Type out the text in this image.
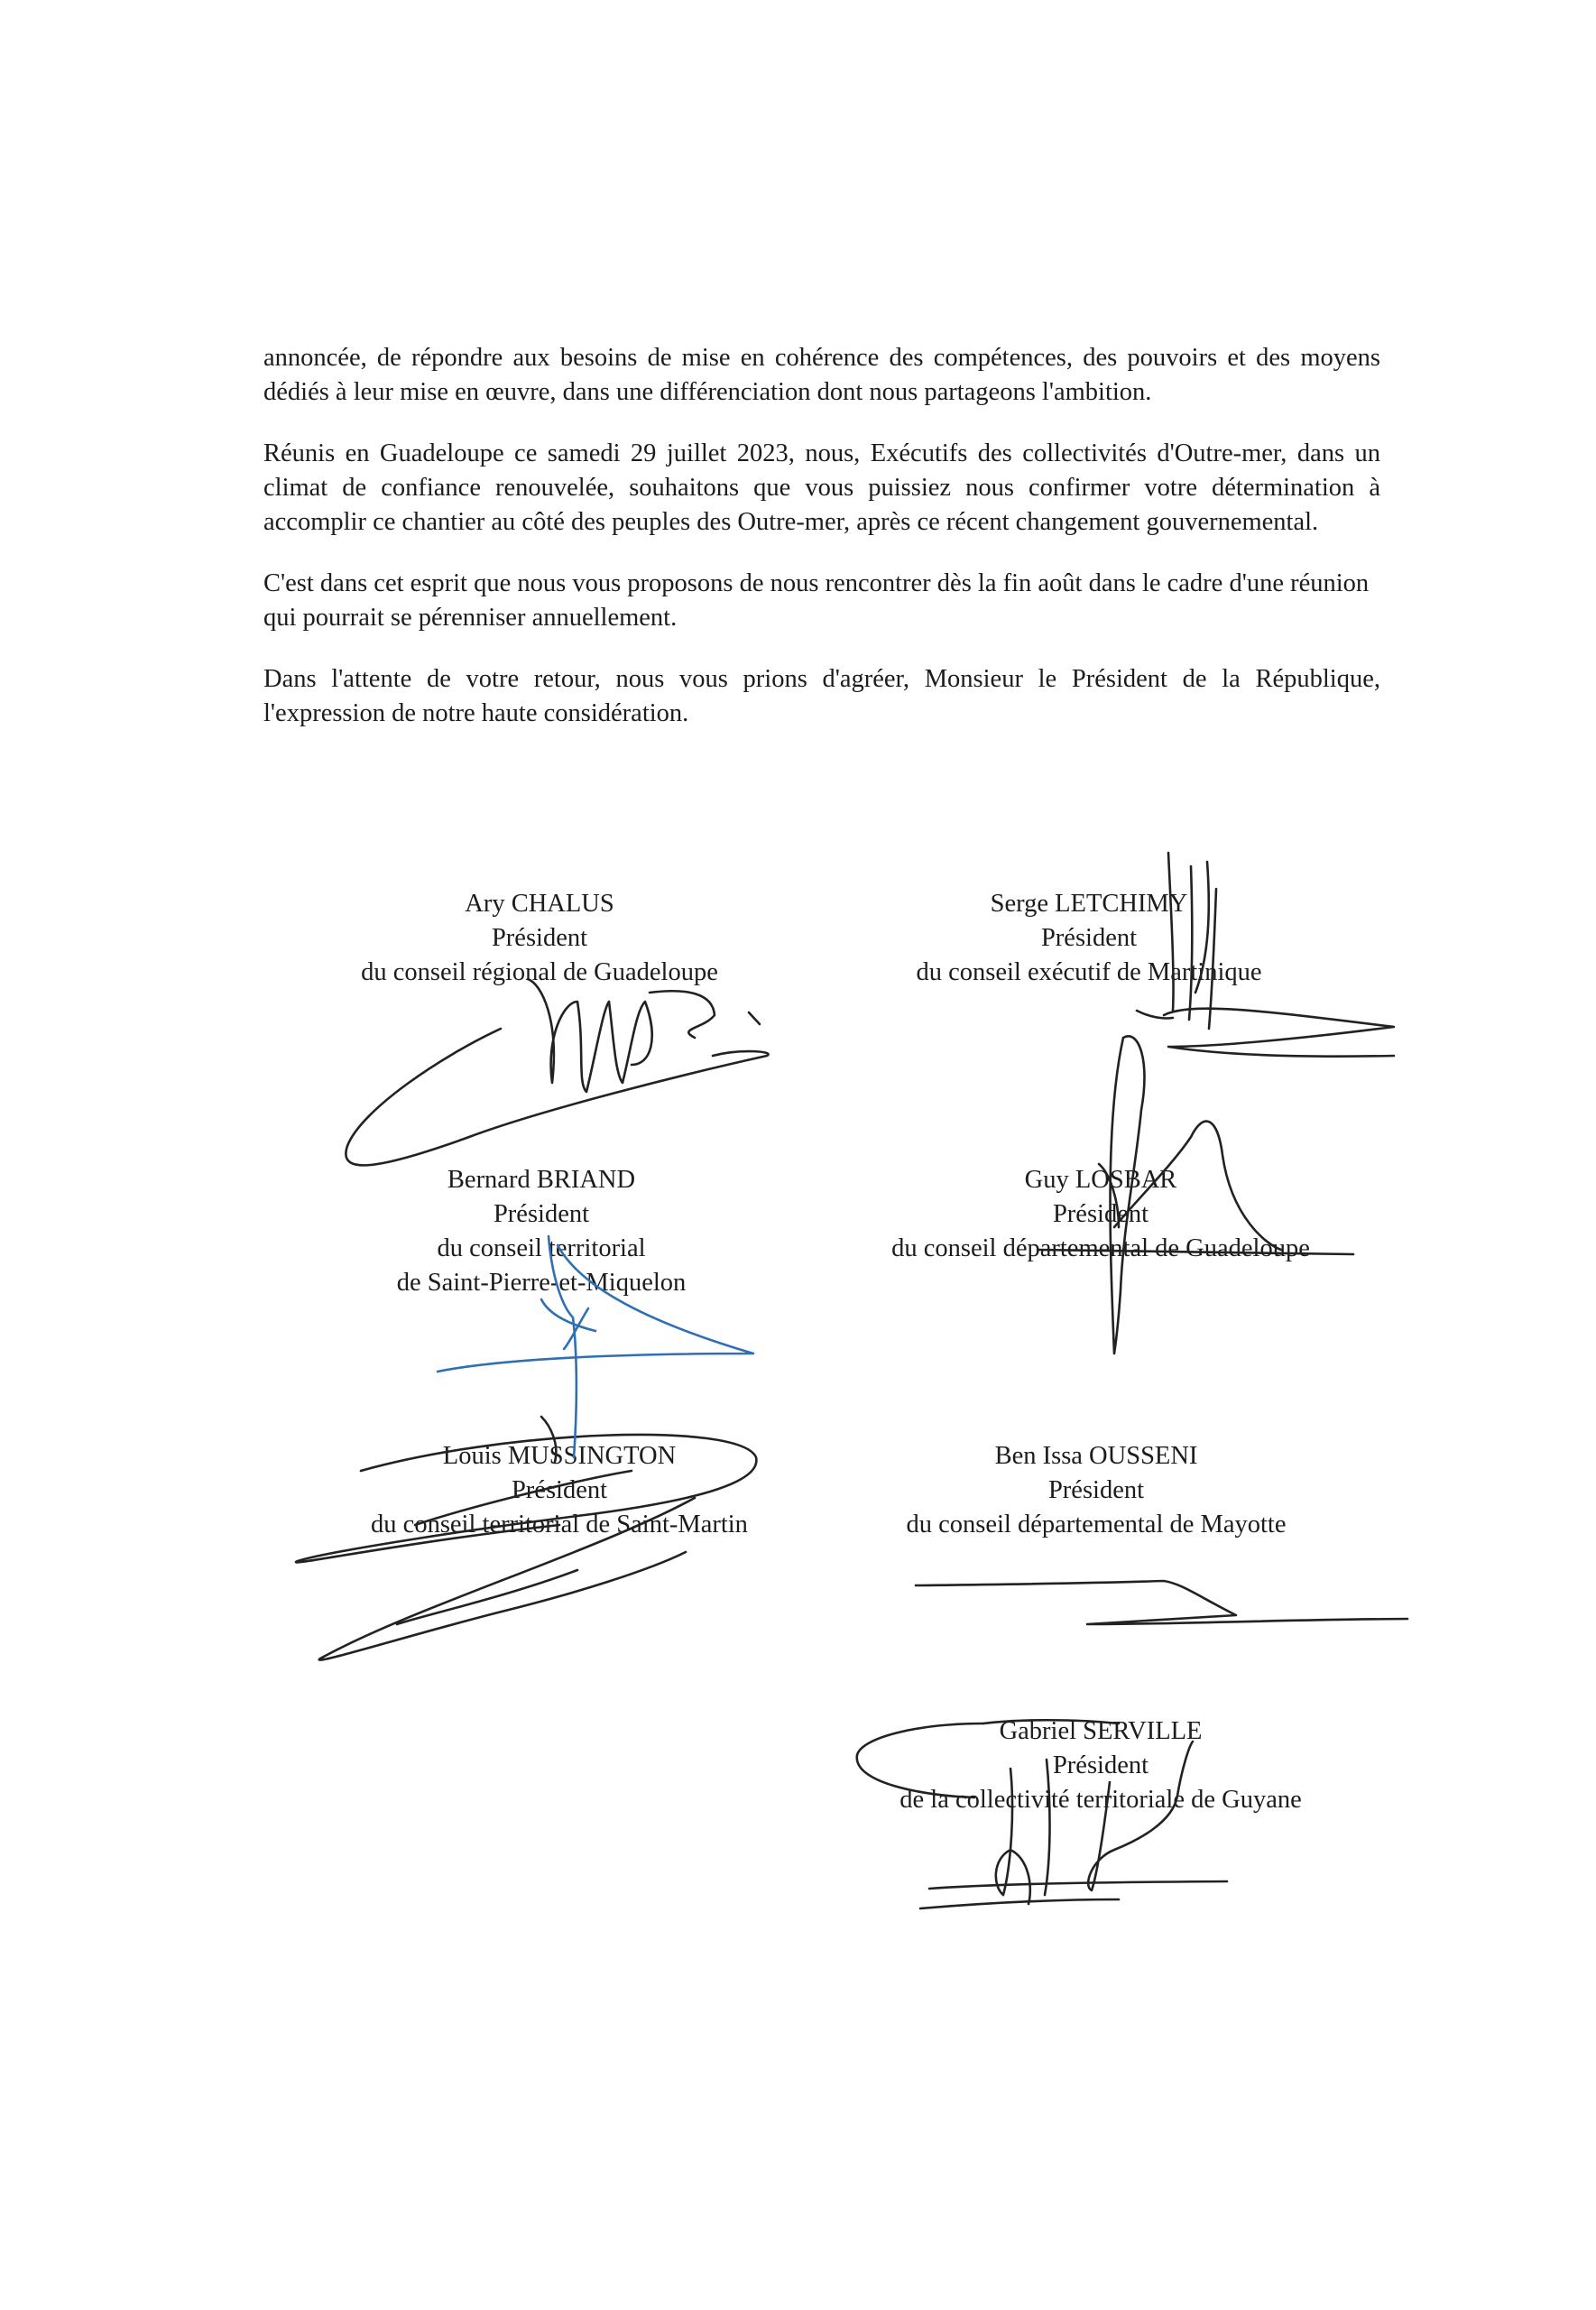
annoncée, de répondre aux besoins de mise en cohérence des compétences, des pouvoirs et des moyens dédiés à leur mise en œuvre, dans une différenciation dont nous partageons l'ambition.

Réunis en Guadeloupe ce samedi 29 juillet 2023, nous, Exécutifs des collectivités d'Outre-mer, dans un climat de confiance renouvelée, souhaitons que vous puissiez nous confirmer votre détermination à accomplir ce chantier au côté des peuples des Outre-mer, après ce récent changement gouvernemental.

C'est dans cet esprit que nous vous proposons de nous rencontrer dès la fin août dans le cadre d'une réunion qui pourrait se pérenniser annuellement.

Dans l'attente de votre retour, nous vous prions d'agréer, Monsieur le Président de la République, l'expression de notre haute considération.

Ary CHALUS
Président
du conseil régional de Guadeloupe
Serge LETCHIMY
Président
du conseil exécutif de Martinique
Bernard BRIAND
Président
du conseil territorial
de Saint-Pierre-et-Miquelon
Guy LOSBAR
Président
du conseil départemental de Guadeloupe
Louis MUSSINGTON
Président
du conseil territorial de Saint-Martin
Ben Issa OUSSENI
Président
du conseil départemental de Mayotte
Gabriel SERVILLE
Président
de la collectivité territoriale de Guyane
